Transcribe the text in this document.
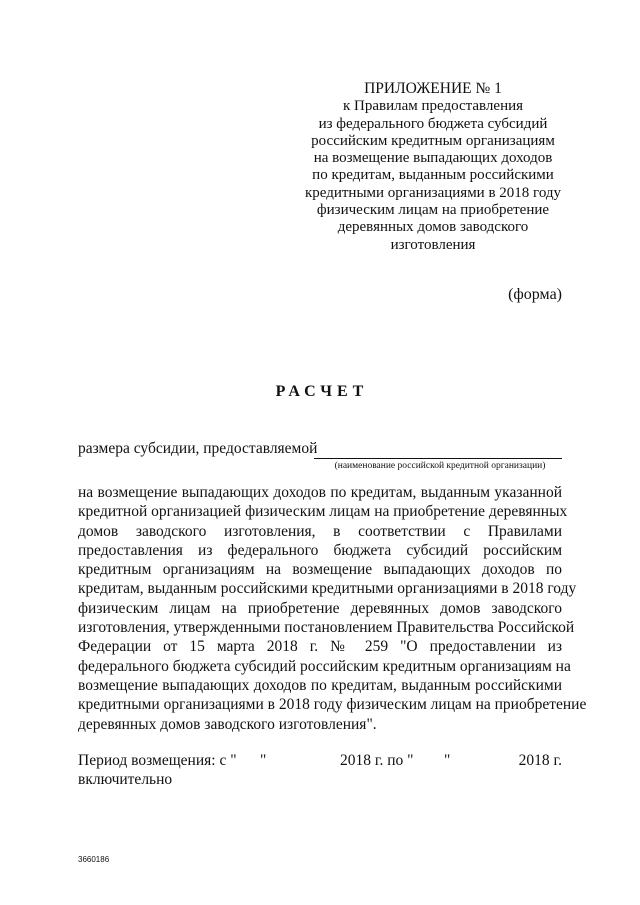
ПРИЛОЖЕНИЕ № 1
к Правилам предоставления
из федерального бюджета субсидий
российским кредитным организациям
на возмещение выпадающих доходов
по кредитам, выданным российскими
кредитными организациями в 2018 году
физическим лицам на приобретение
деревянных домов заводского
изготовления
(форма)
РАСЧЕТ
размера субсидии, предоставляемой
(наименование российской кредитной организации)
на возмещение выпадающих доходов по кредитам, выданным указанной
кредитной организацией физическим лицам на приобретение деревянных
домов заводского изготовления, в соответствии с Правилами
предоставления из федерального бюджета субсидий российским
кредитным организациям на возмещение выпадающих доходов по
кредитам, выданным российскими кредитными организациями в 2018 году
физическим лицам на приобретение деревянных домов заводского
изготовления, утвержденными постановлением Правительства Российской
Федерации от 15 марта 2018 г. № 259 "О предоставлении из
федерального бюджета субсидий российским кредитным организациям на
возмещение выпадающих доходов по кредитам, выданным российскими
кредитными организациями в 2018 году физическим лицам на приобретение
деревянных домов заводского изготовления".
Период возмещения: с " "	2018 г. по " "	2018 г.
включительно
3660186
